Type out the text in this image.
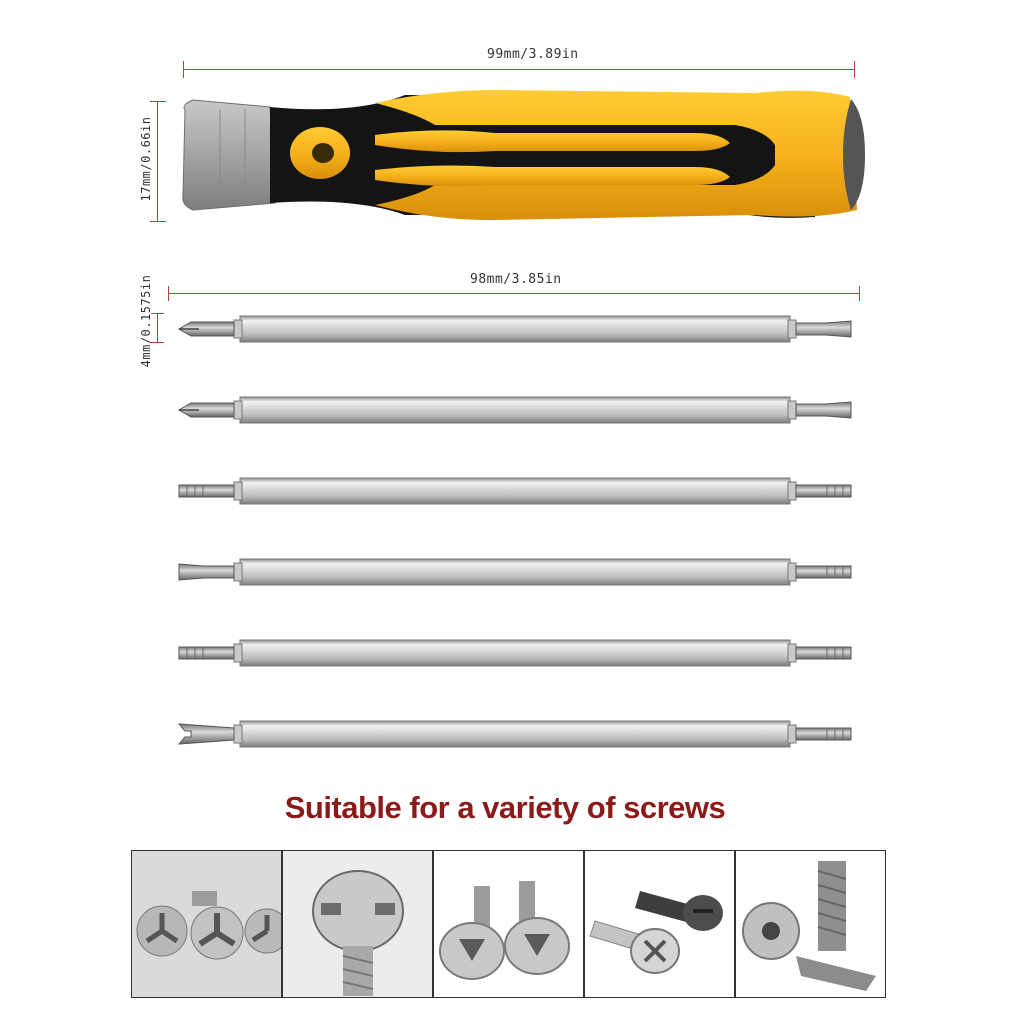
99mm/3.89in
17mm/0.66in
98mm/3.85in
4mm/0.1575in
Suitable for a variety of screws
